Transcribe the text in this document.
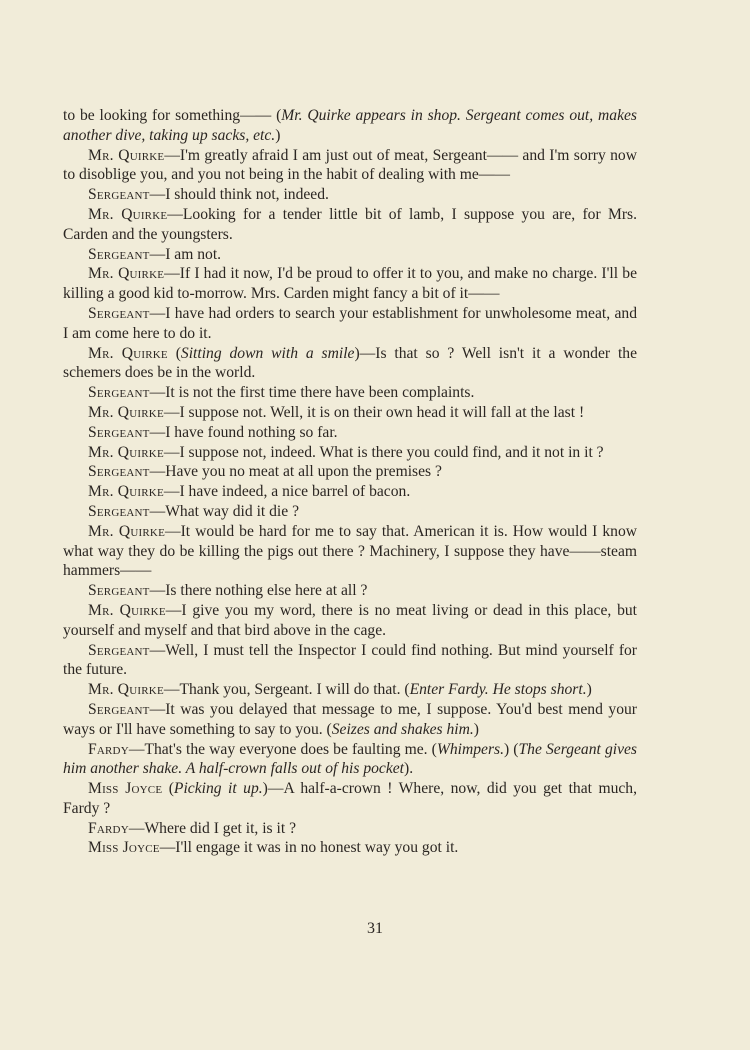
to be looking for something—— (Mr. Quirke appears in shop. Sergeant comes out, makes another dive, taking up sacks, etc.)

Mr. Quirke—I'm greatly afraid I am just out of meat, Sergeant—— and I'm sorry now to disoblige you, and you not being in the habit of dealing with me——

Sergeant—I should think not, indeed.

Mr. Quirke—Looking for a tender little bit of lamb, I suppose you are, for Mrs. Carden and the youngsters.

Sergeant—I am not.

Mr. Quirke—If I had it now, I'd be proud to offer it to you, and make no charge. I'll be killing a good kid to-morrow. Mrs. Carden might fancy a bit of it——

Sergeant—I have had orders to search your establishment for unwholesome meat, and I am come here to do it.

Mr. Quirke (Sitting down with a smile)—Is that so ? Well isn't it a wonder the schemers does be in the world.

Sergeant—It is not the first time there have been complaints.

Mr. Quirke—I suppose not. Well, it is on their own head it will fall at the last !

Sergeant—I have found nothing so far.

Mr. Quirke—I suppose not, indeed. What is there you could find, and it not in it ?

Sergeant—Have you no meat at all upon the premises ?

Mr. Quirke—I have indeed, a nice barrel of bacon.

Sergeant—What way did it die ?

Mr. Quirke—It would be hard for me to say that. American it is. How would I know what way they do be killing the pigs out there ? Machinery, I suppose they have——steam hammers——

Sergeant—Is there nothing else here at all ?

Mr. Quirke—I give you my word, there is no meat living or dead in this place, but yourself and myself and that bird above in the cage.

Sergeant—Well, I must tell the Inspector I could find nothing. But mind yourself for the future.

Mr. Quirke—Thank you, Sergeant. I will do that. (Enter Fardy. He stops short.)

Sergeant—It was you delayed that message to me, I suppose. You'd best mend your ways or I'll have something to say to you. (Seizes and shakes him.)

Fardy—That's the way everyone does be faulting me. (Whimpers.) (The Sergeant gives him another shake. A half-crown falls out of his pocket).

Miss Joyce (Picking it up.)—A half-a-crown ! Where, now, did you get that much, Fardy ?

Fardy—Where did I get it, is it ?

Miss Joyce—I'll engage it was in no honest way you got it.

31
